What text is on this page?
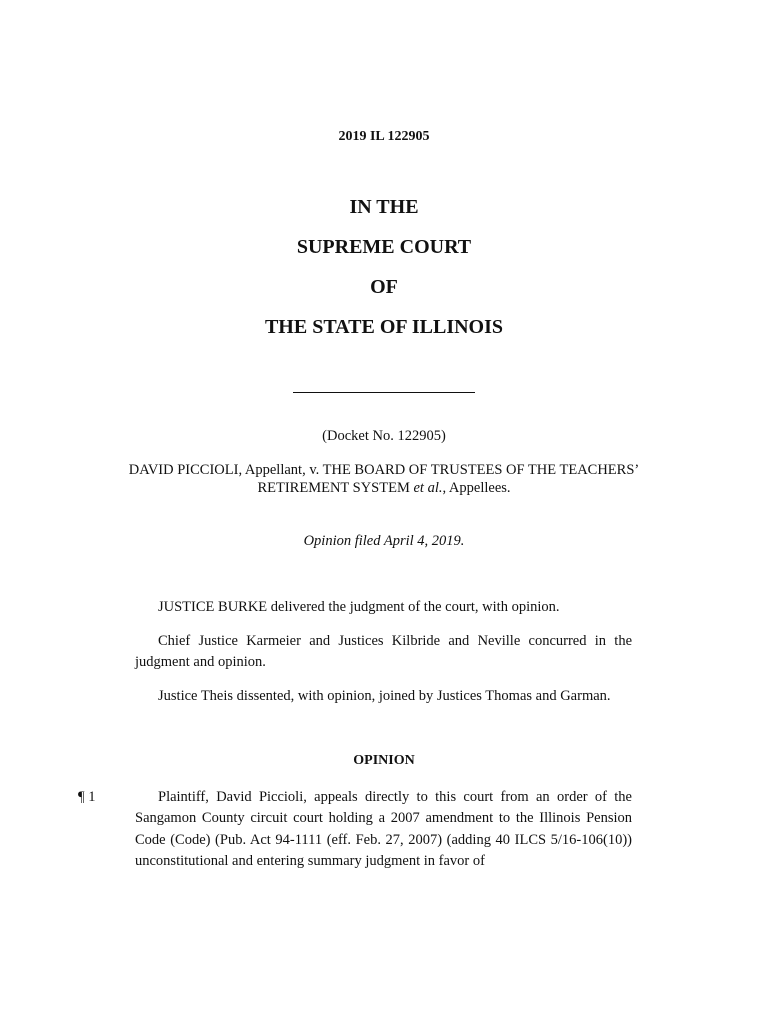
2019 IL 122905
IN THE
SUPREME COURT
OF
THE STATE OF ILLINOIS
(Docket No. 122905)
DAVID PICCIOLI, Appellant, v. THE BOARD OF TRUSTEES OF THE TEACHERS’ RETIREMENT SYSTEM et al., Appellees.
Opinion filed April 4, 2019.

JUSTICE BURKE delivered the judgment of the court, with opinion.

Chief Justice Karmeier and Justices Kilbride and Neville concurred in the judgment and opinion.

Justice Theis dissented, with opinion, joined by Justices Thomas and Garman.

OPINION
¶ 1	Plaintiff, David Piccioli, appeals directly to this court from an order of the Sangamon County circuit court holding a 2007 amendment to the Illinois Pension Code (Code) (Pub. Act 94-1111 (eff. Feb. 27, 2007) (adding 40 ILCS 5/16-106(10)) unconstitutional and entering summary judgment in favor of
